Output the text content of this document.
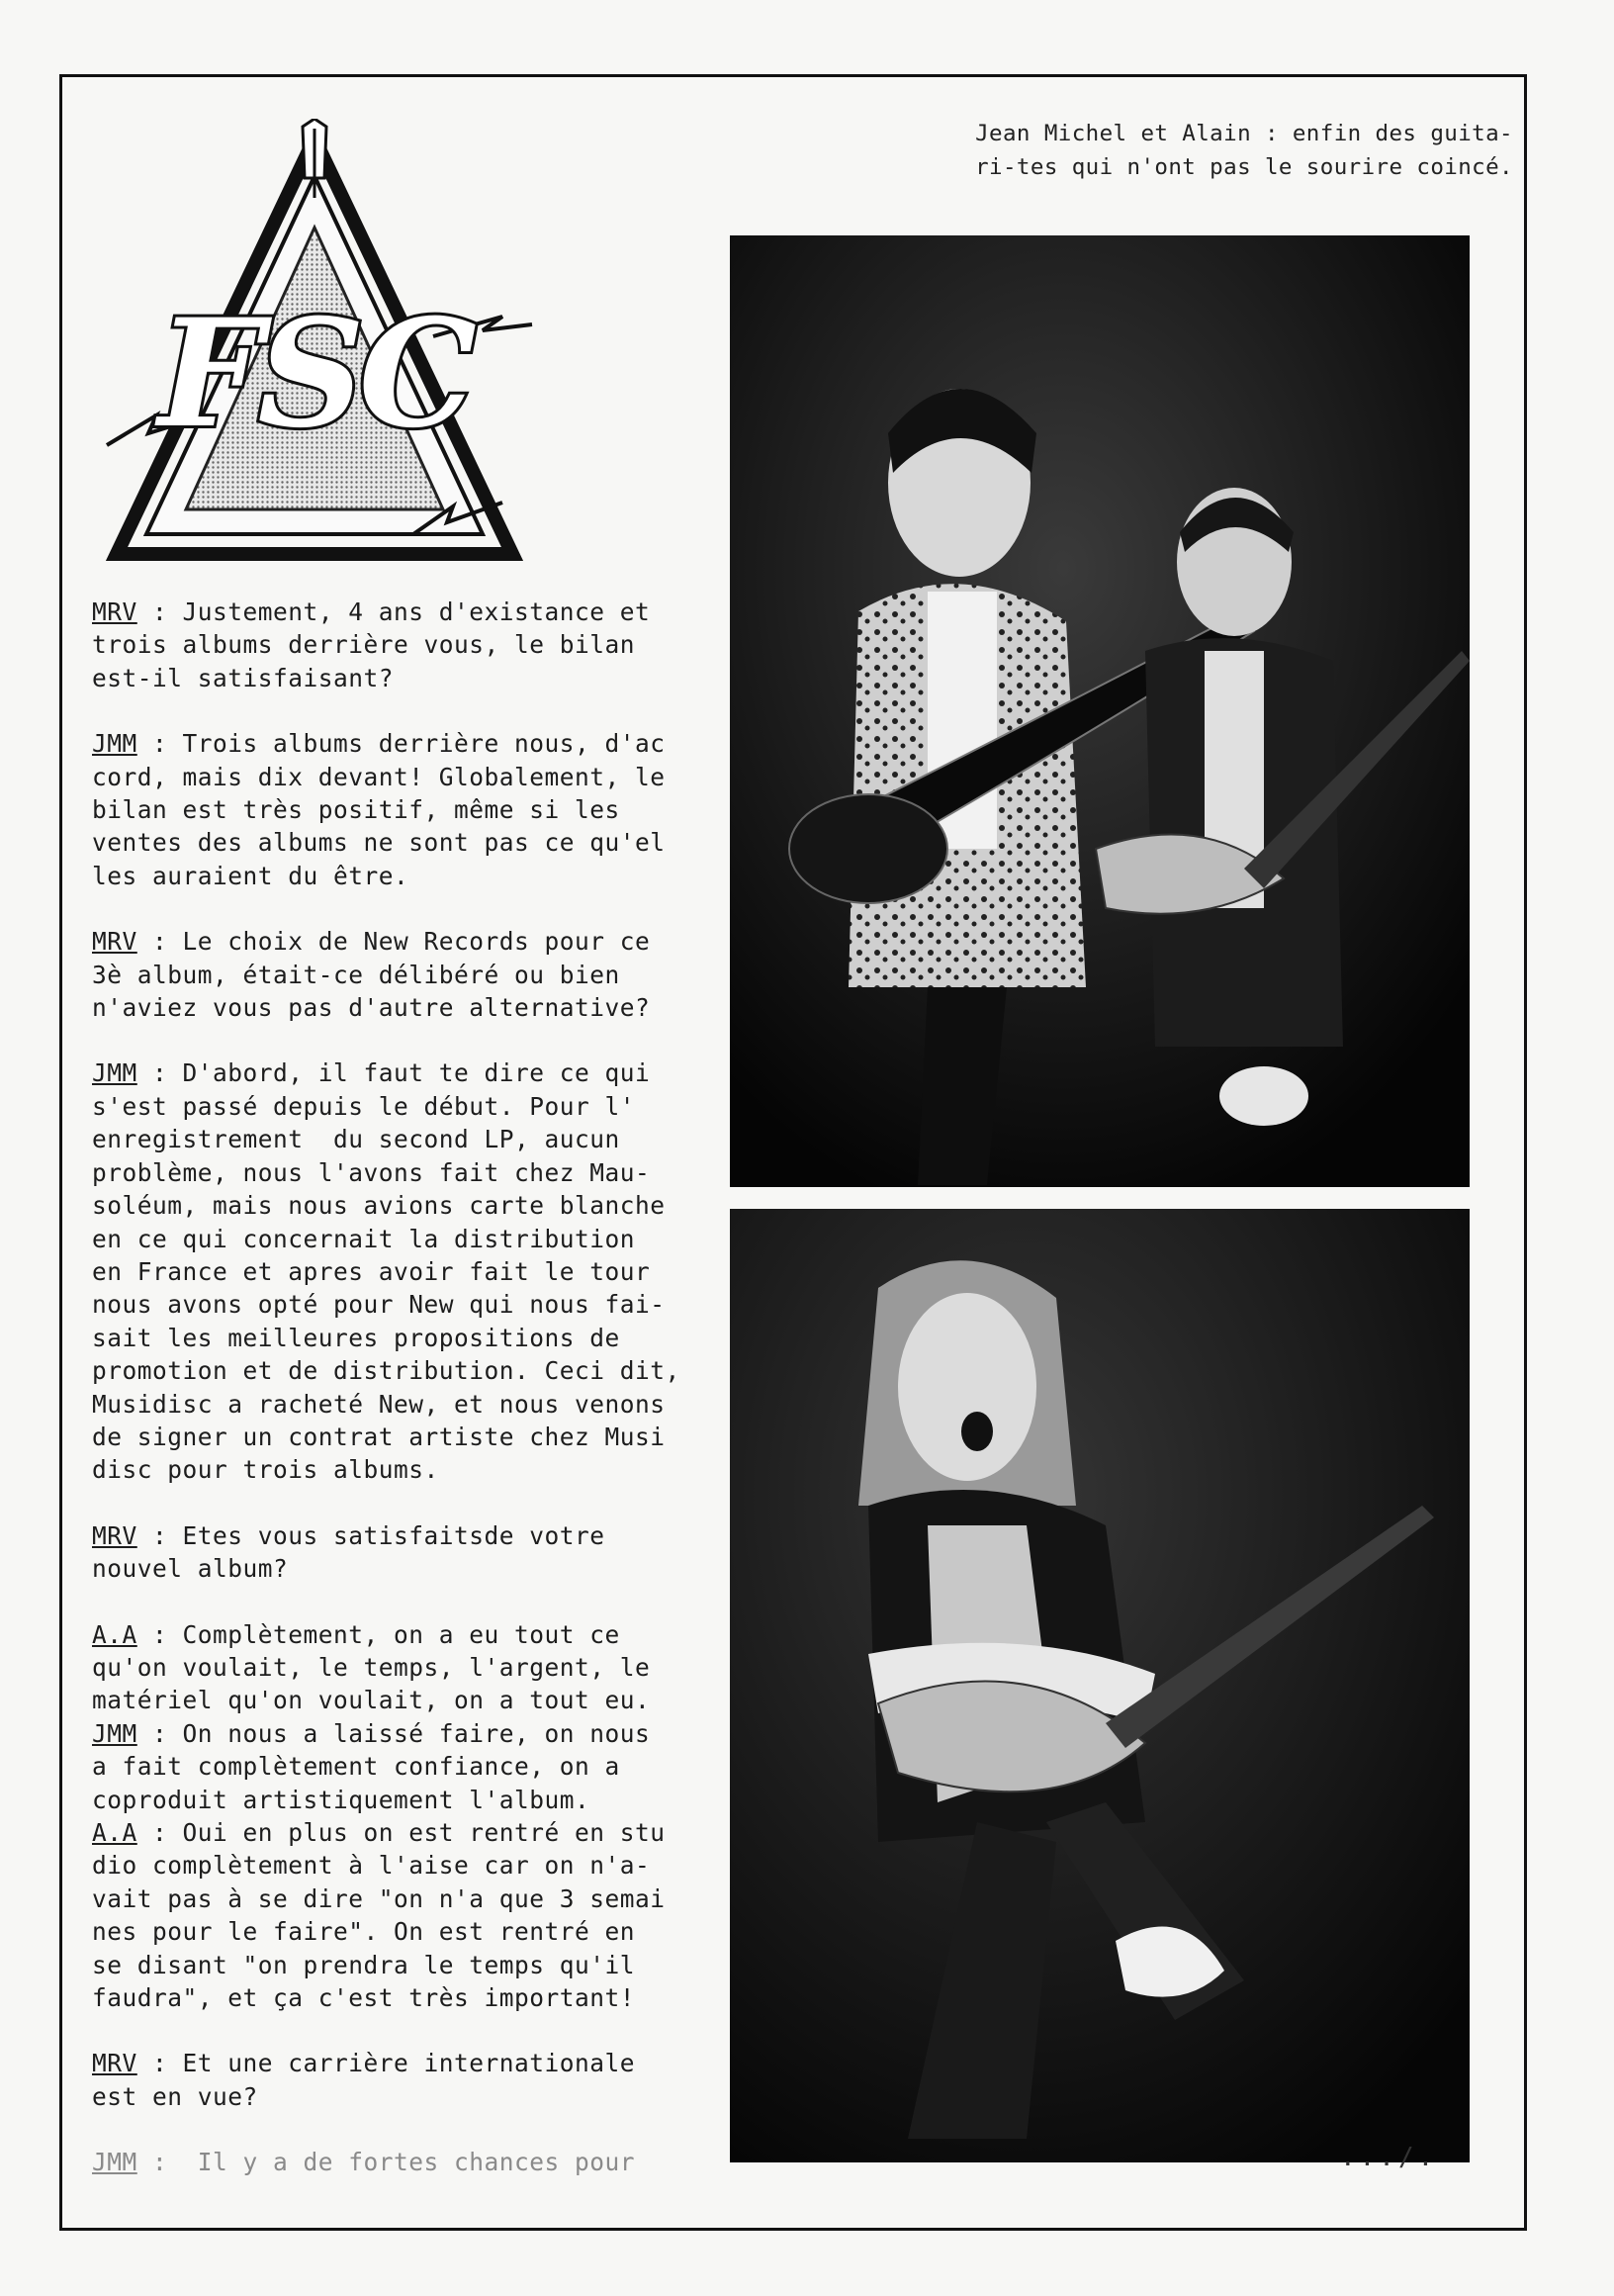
Jean Michel et Alain : enfin des guita-
ri-tes qui n'ont pas le sourire coincé.
FSC

MRV : Justement, 4 ans d'existance et
trois albums derrière vous, le bilan
est-il satisfaisant?

JMM : Trois albums derrière nous, d'ac
cord, mais dix devant! Globalement, le
bilan est très positif, même si les
ventes des albums ne sont pas ce qu'el
les auraient du être.

MRV : Le choix de New Records pour ce
3è album, était-ce délibéré ou bien
n'aviez vous pas d'autre alternative?

JMM : D'abord, il faut te dire ce qui
s'est passé depuis le début. Pour l'
enregistrement  du second LP, aucun
problème, nous l'avons fait chez Mau-
soléum, mais nous avions carte blanche
en ce qui concernait la distribution
en France et apres avoir fait le tour
nous avons opté pour New qui nous fai-
sait les meilleures propositions de
promotion et de distribution. Ceci dit,
Musidisc a racheté New, et nous venons
de signer un contrat artiste chez Musi
disc pour trois albums.

MRV : Etes vous satisfaitsde votre
nouvel album?

A.A : Complètement, on a eu tout ce
qu'on voulait, le temps, l'argent, le
matériel qu'on voulait, on a tout eu.

JMM : On nous a laissé faire, on nous
a fait complètement confiance, on a
coproduit artistiquement l'album.

A.A : Oui en plus on est rentré en stu
dio complètement à l'aise car on n'a-
vait pas à se dire "on n'a que 3 semai
nes pour le faire". On est rentré en
se disant "on prendra le temps qu'il
faudra", et ça c'est très important!

MRV : Et une carrière internationale
est en vue?

JMM :  Il y a de fortes chances pour	.../.
